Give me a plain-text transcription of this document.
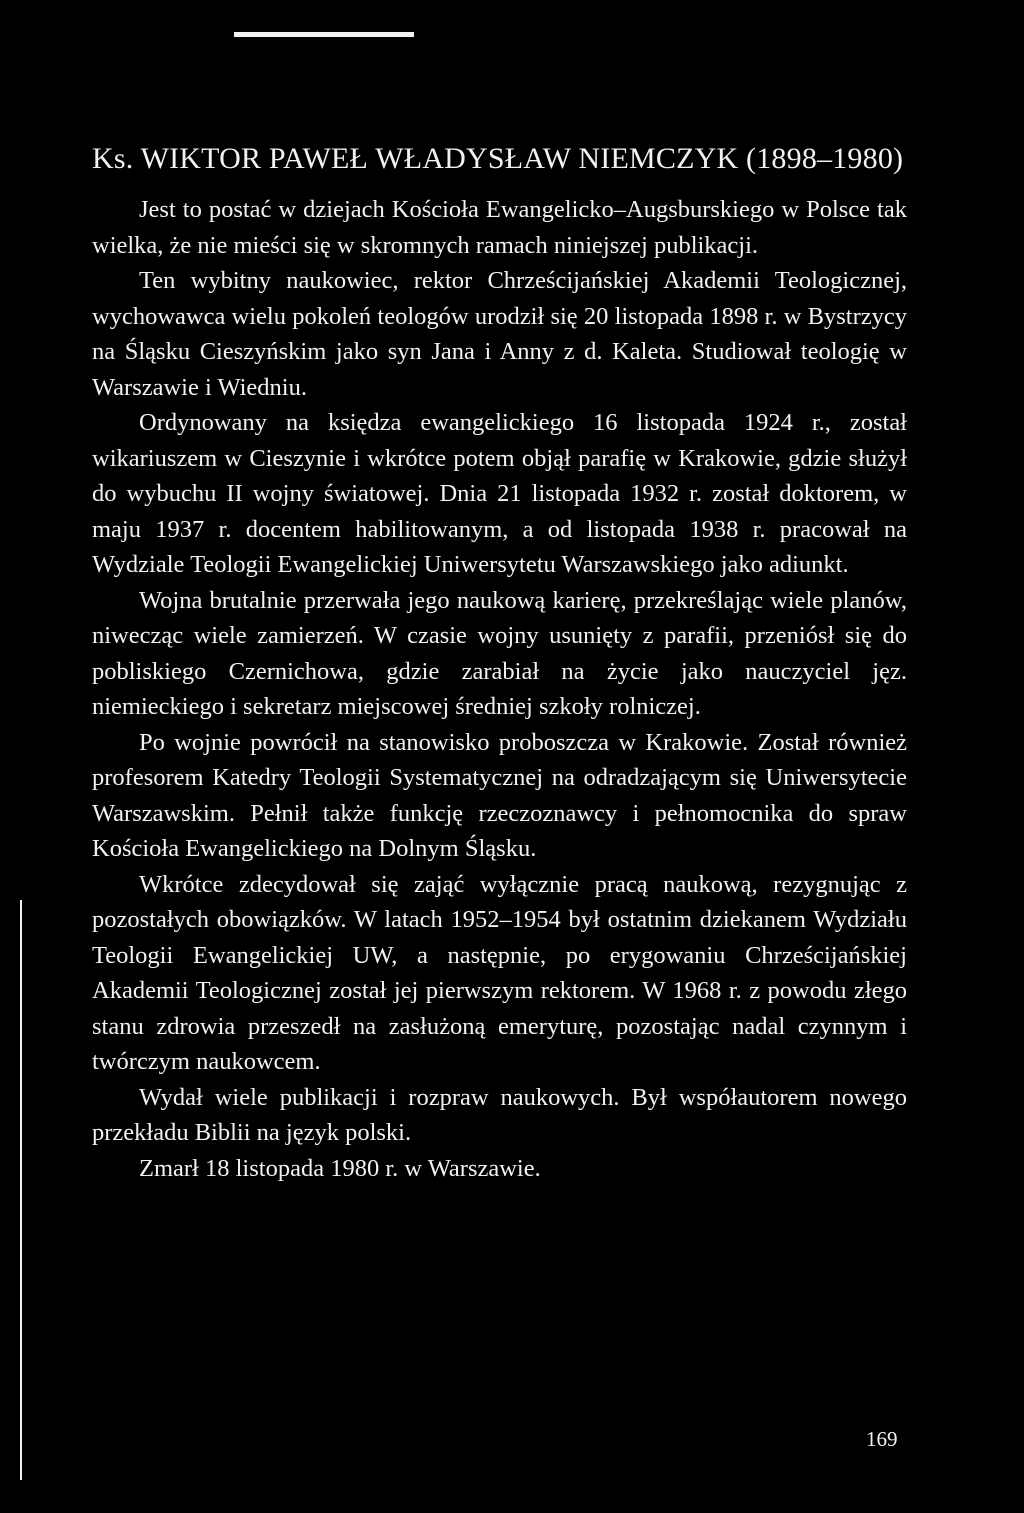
Ks. WIKTOR PAWEŁ WŁADYSŁAW NIEMCZYK (1898–1980)

Jest to postać w dziejach Kościoła Ewangelicko–Augsburskiego w Polsce tak wielka, że nie mieści się w skromnych ramach niniejszej publikacji.

Ten wybitny naukowiec, rektor Chrześcijańskiej Akademii Teologicznej, wychowawca wielu pokoleń teologów urodził się 20 listopada 1898 r. w Bystrzycy na Śląsku Cieszyńskim jako syn Jana i Anny z d. Kaleta. Studiował teologię w Warszawie i Wiedniu.

Ordynowany na księdza ewangelickiego 16 listopada 1924 r., został wikariuszem w Cieszynie i wkrótce potem objął parafię w Krakowie, gdzie służył do wybuchu II wojny światowej. Dnia 21 listopada 1932 r. został doktorem, w maju 1937 r. docentem habilitowanym, a od listopada 1938 r. pracował na Wydziale Teologii Ewangelickiej Uniwersytetu Warszawskiego jako adiunkt.

Wojna brutalnie przerwała jego naukową karierę, przekreślając wiele planów, niwecząc wiele zamierzeń. W czasie wojny usunięty z parafii, przeniósł się do pobliskiego Czernichowa, gdzie zarabiał na życie jako nauczyciel jęz. niemieckiego i sekretarz miejscowej średniej szkoły rolniczej.

Po wojnie powrócił na stanowisko proboszcza w Krakowie. Został również profesorem Katedry Teologii Systematycznej na odradzającym się Uniwersytecie Warszawskim. Pełnił także funkcję rzeczoznawcy i pełnomocnika do spraw Kościoła Ewangelickiego na Dolnym Śląsku.

Wkrótce zdecydował się zająć wyłącznie pracą naukową, rezygnując z pozostałych obowiązków. W latach 1952–1954 był ostatnim dziekanem Wydziału Teologii Ewangelickiej UW, a następnie, po erygowaniu Chrześcijańskiej Akademii Teologicznej został jej pierwszym rektorem. W 1968 r. z powodu złego stanu zdrowia przeszedł na zasłużoną emeryturę, pozostając nadal czynnym i twórczym naukowcem.

Wydał wiele publikacji i rozpraw naukowych. Był współautorem nowego przekładu Biblii na język polski.

Zmarł 18 listopada 1980 r. w Warszawie.

169
